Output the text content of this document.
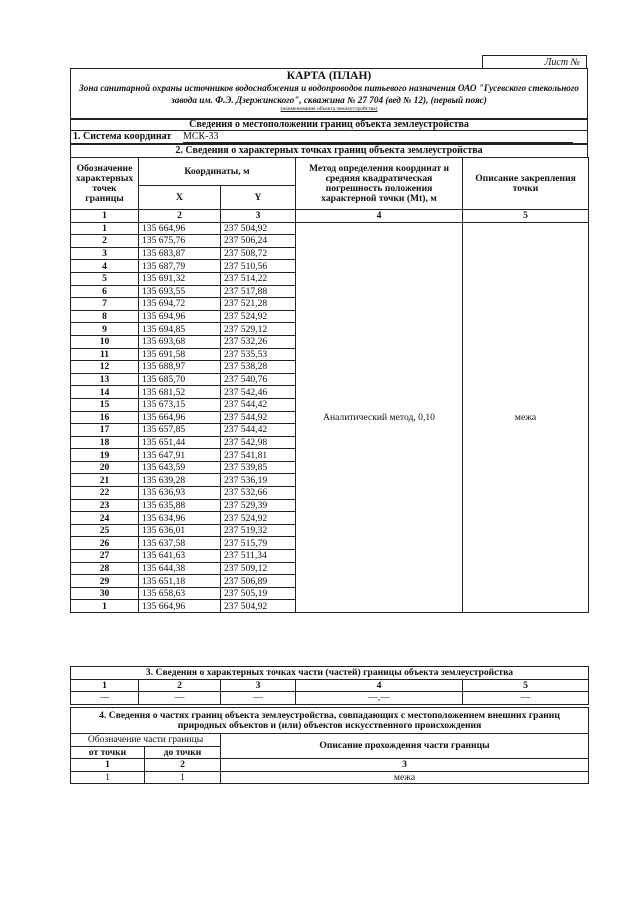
Лист №
КАРТА (ПЛАН)
Зона санитарной охраны источников водоснабжения и водопроводов питьевого назначения ОАО "Гусевского стекольного завода им. Ф.Э. Дзержинского", скважина № 27 704 (вед № 12), (первый пояс)
(наименование объекта землеустройства)
Сведения о местоположении границ объекта землеустройства
1. Система координат МСК-33
2. Сведения о характерных точках границ объекта землеустройства
Обозначение характерных точек границы	Координаты, м		Метод определения координат и средняя квадратическая погрешность положения характерной точки (Mt), м	Описание закрепления точки
	X	Y		
1	2	3	4	5
1	135 664,96	237 504,92	Аналитический метод, 0,10	межа
2	135 675,76	237 506,24		
3	135 683,87	237 508,72		
4	135 687,79	237 510,56		
5	135 691,32	237 514,22		
6	135 693,55	237 517,88		
7	135 694,72	237 521,28		
8	135 694,96	237 524,92		
9	135 694,85	237 529,12		
10	135 693,68	237 532,26		
11	135 691,58	237 535,53		
12	135 688,97	237 538,28		
13	135 685,70	237 540,76		
14	135 681,52	237 542,46		
15	135 673,15	237 544,42		
16	135 664,96	237 544,92		
17	135 657,85	237 544,42		
18	135 651,44	237 542,98		
19	135 647,91	237 541,81		
20	135 643,59	237 539,85		
21	135 639,28	237 536,19		
22	135 636,93	237 532,66		
23	135 635,88	237 529,39		
24	135 634,96	237 524,92		
25	135 636,01	237 519,32		
26	135 637,58	237 515,79		
27	135 641,63	237 511,34		
28	135 644,38	237 509,12		
29	135 651,18	237 506,89		
30	135 658,63	237 505,19		
1	135 664,96	237 504,92		
3. Сведения о характерных точках части (частей) границы объекта землеустройства				
1	2	3	4	5
—	—	—	—,—	—
4. Сведения о частях границ объекта землеустройства, совпадающих с местоположением внешних границ природных объектов и (или) объектов искусственного происхождения		
Обозначение части границы		Описание прохождения части границы
от точки	до точки	
1	2	3
1	1	межа
